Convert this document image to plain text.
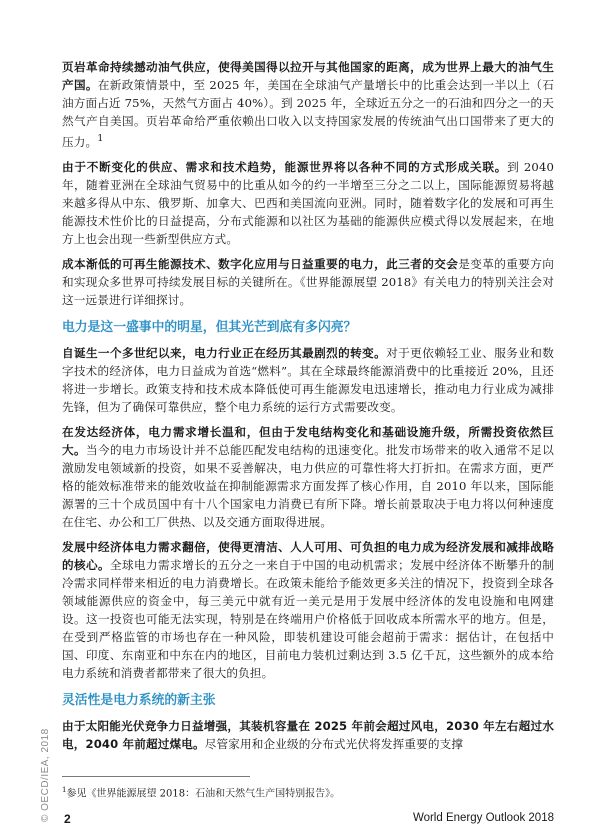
页岩革命持续撼动油气供应，使得美国得以拉开与其他国家的距离，成为世界上最大的油气生产国。在新政策情景中，至 2025 年，美国在全球油气产量增长中的比重会达到一半以上（石油方面占近 75%，天然气方面占 40%）。到 2025 年，全球近五分之一的石油和四分之一的天然气产自美国。页岩革命给严重依赖出口收入以支持国家发展的传统油气出口国带来了更大的压力。$^1$

由于不断变化的供应、需求和技术趋势，能源世界将以各种不同的方式形成关联。到 2040 年，随着亚洲在全球油气贸易中的比重从如今的约一半增至三分之二以上，国际能源贸易将越来越多得从中东、俄罗斯、加拿大、巴西和美国流向亚洲。同时，随着数字化的发展和可再生能源技术性价比的日益提高，分布式能源和以社区为基础的能源供应模式得以发展起来，在地方上也会出现一些新型供应方式。

成本渐低的可再生能源技术、数字化应用与日益重要的电力，此三者的交会是变革的重要方向和实现众多世界可持续发展目标的关键所在。《世界能源展望 2018》有关电力的特别关注会对这一远景进行详细探讨。

电力是这一盛事中的明星，但其光芒到底有多闪亮？

自诞生一个多世纪以来，电力行业正在经历其最剧烈的转变。对于更依赖轻工业、服务业和数字技术的经济体，电力日益成为首选“燃料”。其在全球最终能源消费中的比重接近 20%，且还将进一步增长。政策支持和技术成本降低使可再生能源发电迅速增长，推动电力行业成为减排先锋，但为了确保可靠供应，整个电力系统的运行方式需要改变。

在发达经济体，电力需求增长温和，但由于发电结构变化和基础设施升级，所需投资依然巨大。当今的电力市场设计并不总能匹配发电结构的迅速变化。批发市场带来的收入通常不足以激励发电领域新的投资，如果不妥善解决，电力供应的可靠性将大打折扣。在需求方面，更严格的能效标准带来的能效收益在抑制能源需求方面发挥了核心作用，自 2010 年以来，国际能源署的三十个成员国中有十八个国家电力消费已有所下降。增长前景取决于电力将以何种速度在住宅、办公和工厂供热、以及交通方面取得进展。

发展中经济体电力需求翻倍，使得更清洁、人人可用、可负担的电力成为经济发展和减排战略的核心。全球电力需求增长的五分之一来自于中国的电动机需求；发展中经济体不断攀升的制冷需求同样带来相近的电力消费增长。在政策未能给予能效更多关注的情况下，投资到全球各领域能源供应的资金中，每三美元中就有近一美元是用于发展中经济体的发电设施和电网建设。这一投资也可能无法实现，特别是在终端用户价格低于回收成本所需水平的地方。但是，在受到严格监管的市场也存在一种风险，即装机建设可能会超前于需求：据估计，在包括中国、印度、东南亚和中东在内的地区，目前电力装机过剩达到 3.5 亿千瓦，这些额外的成本给电力系统和消费者都带来了很大的负担。

灵活性是电力系统的新主张

由于太阳能光伏竞争力日益增强，其装机容量在 2025 年前会超过风电，2030 年左右超过水电，2040 年前超过煤电。尽管家用和企业级的分布式光伏将发挥重要的支撑

$^1$参见《世界能源展望 2018：石油和天然气生产国特别报告》。
© OECD/IEA, 2018 2	World Energy Outlook 2018
